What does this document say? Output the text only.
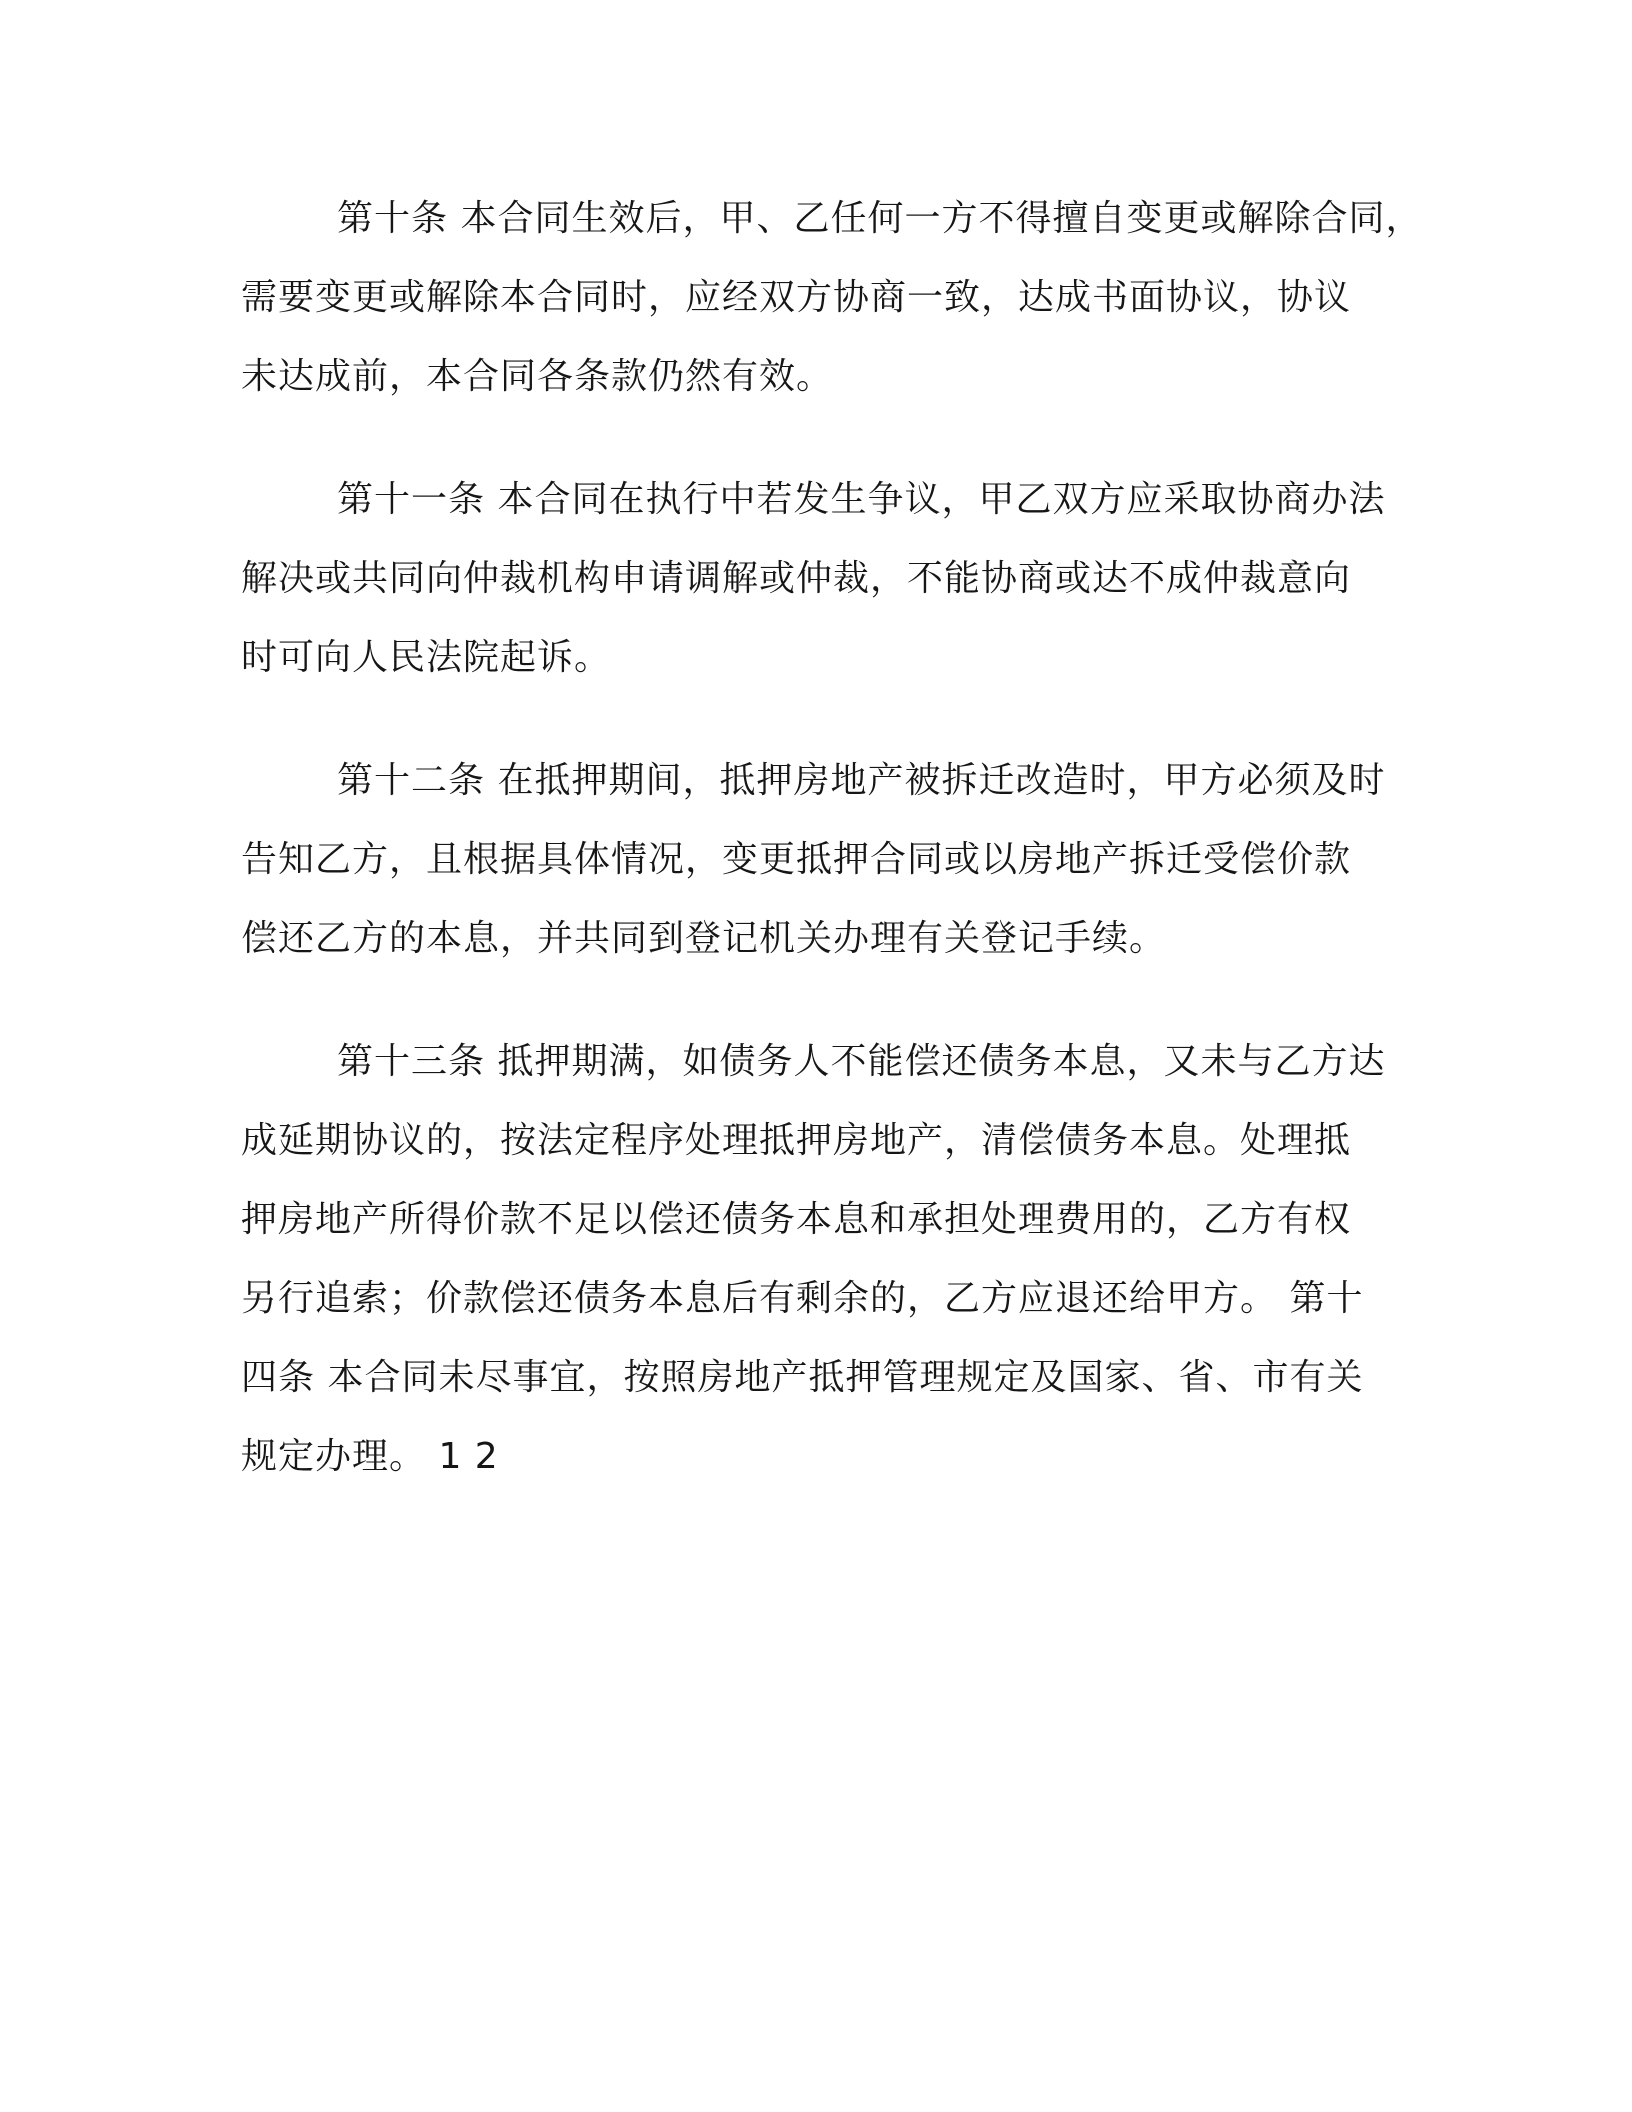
第十条 本合同生效后，甲、乙任何一方不得擅自变更或解除合同，
需要变更或解除本合同时，应经双方协商一致，达成书面协议，协议
未达成前，本合同各条款仍然有效。
第十一条 本合同在执行中若发生争议，甲乙双方应采取协商办法
解决或共同向仲裁机构申请调解或仲裁，不能协商或达不成仲裁意向
时可向人民法院起诉。
第十二条 在抵押期间，抵押房地产被拆迁改造时，甲方必须及时
告知乙方，且根据具体情况，变更抵押合同或以房地产拆迁受偿价款
偿还乙方的本息，并共同到登记机关办理有关登记手续。
第十三条 抵押期满，如债务人不能偿还债务本息，又未与乙方达
成延期协议的，按法定程序处理抵押房地产，清偿债务本息。处理抵
押房地产所得价款不足以偿还债务本息和承担处理费用的，乙方有权
另行追索；价款偿还债务本息后有剩余的，乙方应退还给甲方。 第十
四条 本合同未尽事宜，按照房地产抵押管理规定及国家、省、市有关
规定办理。 1 2
